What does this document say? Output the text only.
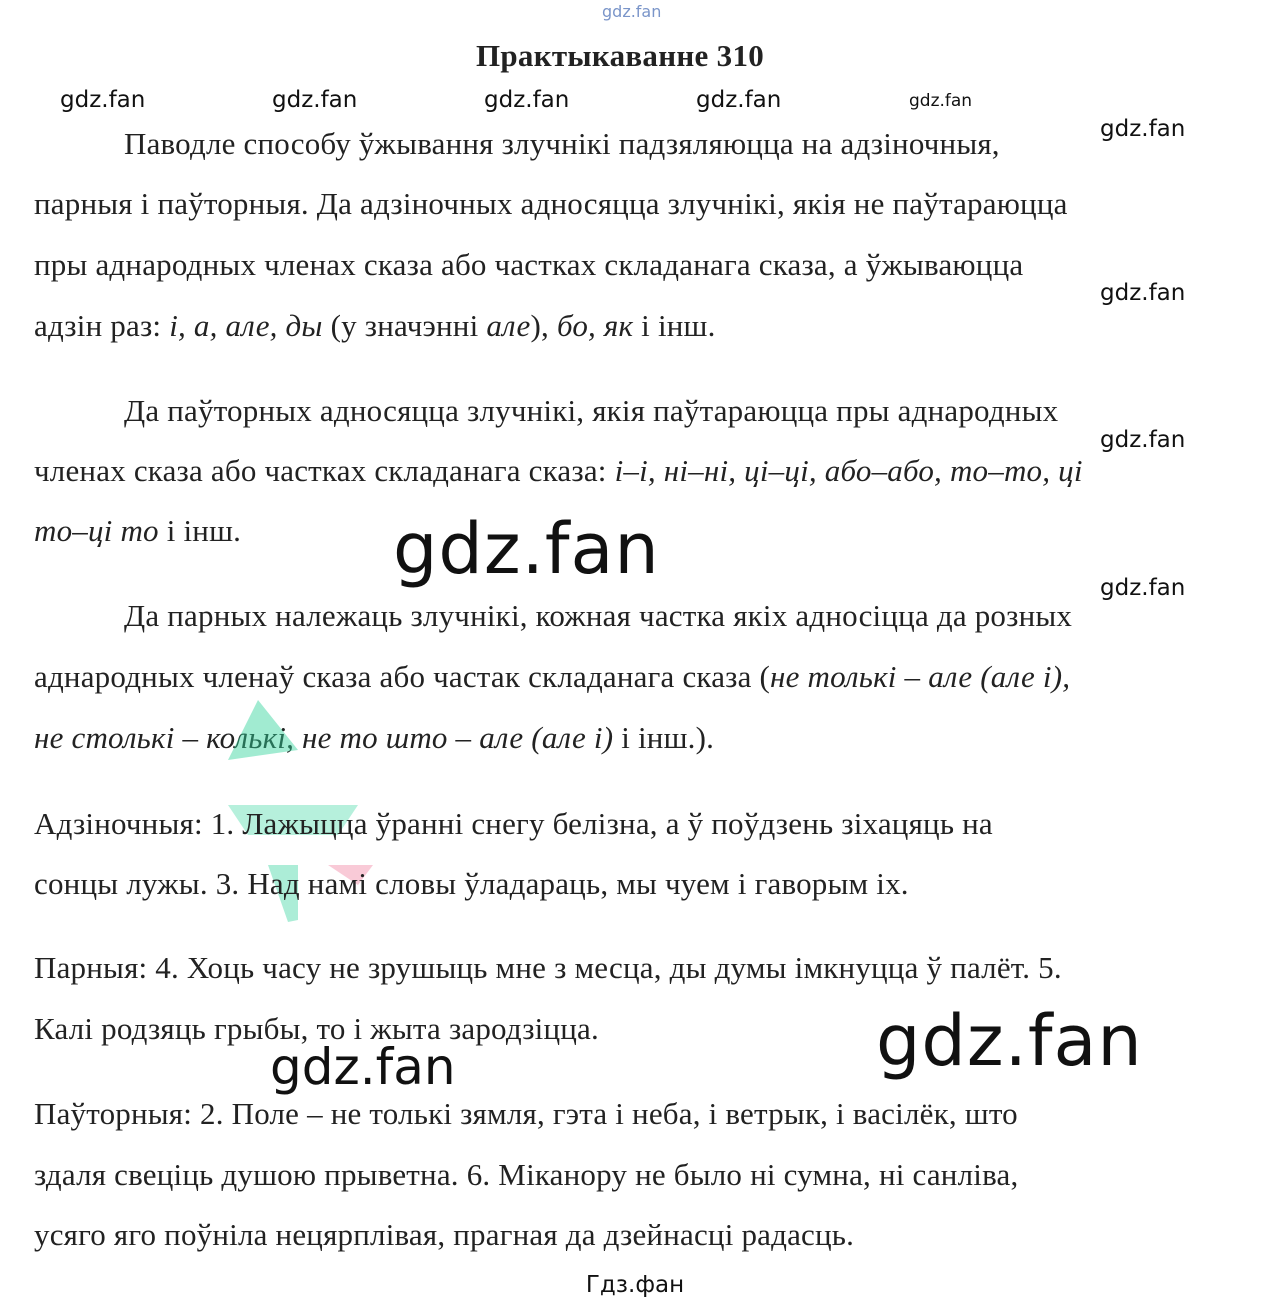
gdz.fan
Практыкаванне 310
gdz.fan	gdz.fan	gdz.fan	gdz.fan	gdz.fan
gdz.fan
gdz.fan
gdz.fan
gdz.fan
Паводле способу ўжывання злучнікі падзяляюцца на адзіночныя,
парныя і паўторныя. Да адзіночных адносяцца злучнікі, якія не паўтараюцца
пры аднародных членах сказа або частках складанага сказа, а ўжываюцца
адзін раз: і, а, але, ды (у значэнні але), бо, як і інш.
Да паўторных адносяцца злучнікі, якія паўтараюцца пры аднародных
членах сказа або частках складанага сказа: і–і, ні–ні, ці–ці, або–або, то–то, ці
то–ці то і інш. gdz.fan
Да парных належаць злучнікі, кожная частка якіх адносіцца да розных
аднародных членаў сказа або частак складанага сказа (не толькі – але (але і),
не столькі – колькі, не то што – але (але і) і інш.).
Адзіночныя: 1. Лажыцца ўранні снегу белізна, а ў поўдзень зіхацяць на
сонцы лужы. 3. Над намі словы ўладараць, мы чуем і гаворым іх.
Парныя: 4. Хоць часу не зрушыць мне з месца, ды думы імкнуцца ў палёт. 5.
Калі родзяць грыбы, то і жыта зародзіцца.	gdz.fan
gdz.fan
Паўторныя: 2. Поле – не толькі зямля, гэта і неба, і ветрык, і васілёк, што
здаля свеціць душою прыветна. 6. Міканору не было ні сумна, ні санліва,
усяго яго поўніла нецярплівая, прагная да дзейнасці радасць.
Гдз.фан
